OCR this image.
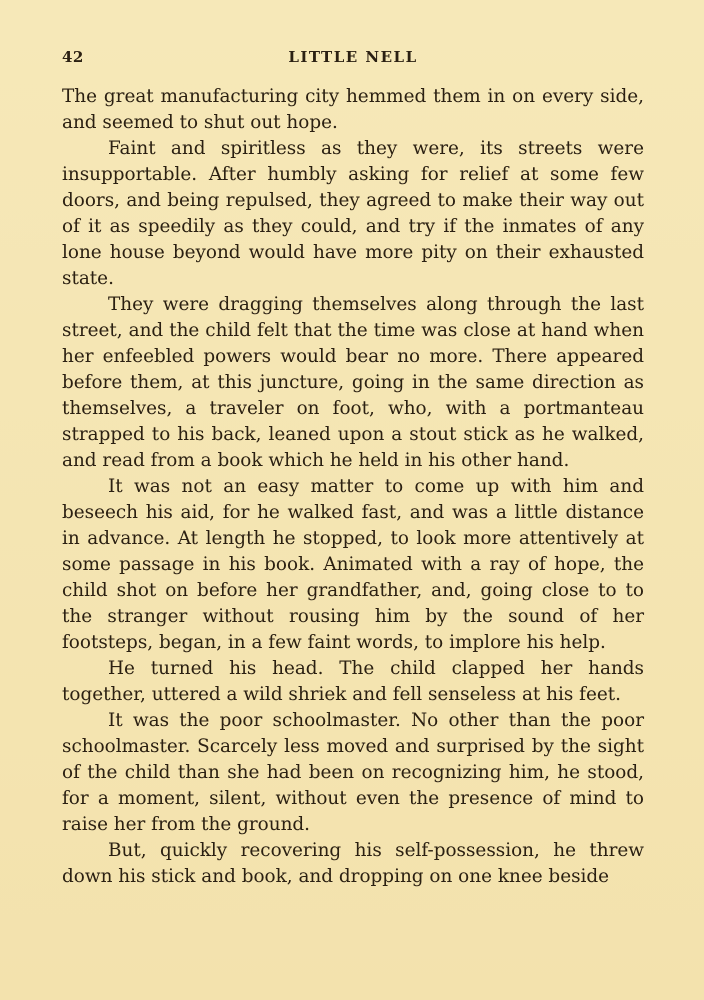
42	LITTLE NELL

The great manufacturing city hemmed them in on every side, and seemed to shut out hope.

Faint and spiritless as they were, its streets were insupportable. After humbly asking for relief at some few doors, and being repulsed, they agreed to make their way out of it as speedily as they could, and try if the inmates of any lone house beyond would have more pity on their exhausted state.

They were dragging themselves along through the last street, and the child felt that the time was close at hand when her enfeebled powers would bear no more. There appeared before them, at this juncture, going in the same direction as themselves, a traveler on foot, who, with a portmanteau strapped to his back, leaned upon a stout stick as he walked, and read from a book which he held in his other hand.

It was not an easy matter to come up with him and beseech his aid, for he walked fast, and was a little distance in advance. At length he stopped, to look more attentively at some passage in his book. Animated with a ray of hope, the child shot on before her grandfather, and, going close to to the stranger without rousing him by the sound of her footsteps, began, in a few faint words, to implore his help.

He turned his head. The child clapped her hands together, uttered a wild shriek and fell senseless at his feet.

It was the poor schoolmaster. No other than the poor schoolmaster. Scarcely less moved and surprised by the sight of the child than she had been on recognizing him, he stood, for a moment, silent, without even the presence of mind to raise her from the ground.

But, quickly recovering his self-possession, he threw down his stick and book, and dropping on one knee beside
